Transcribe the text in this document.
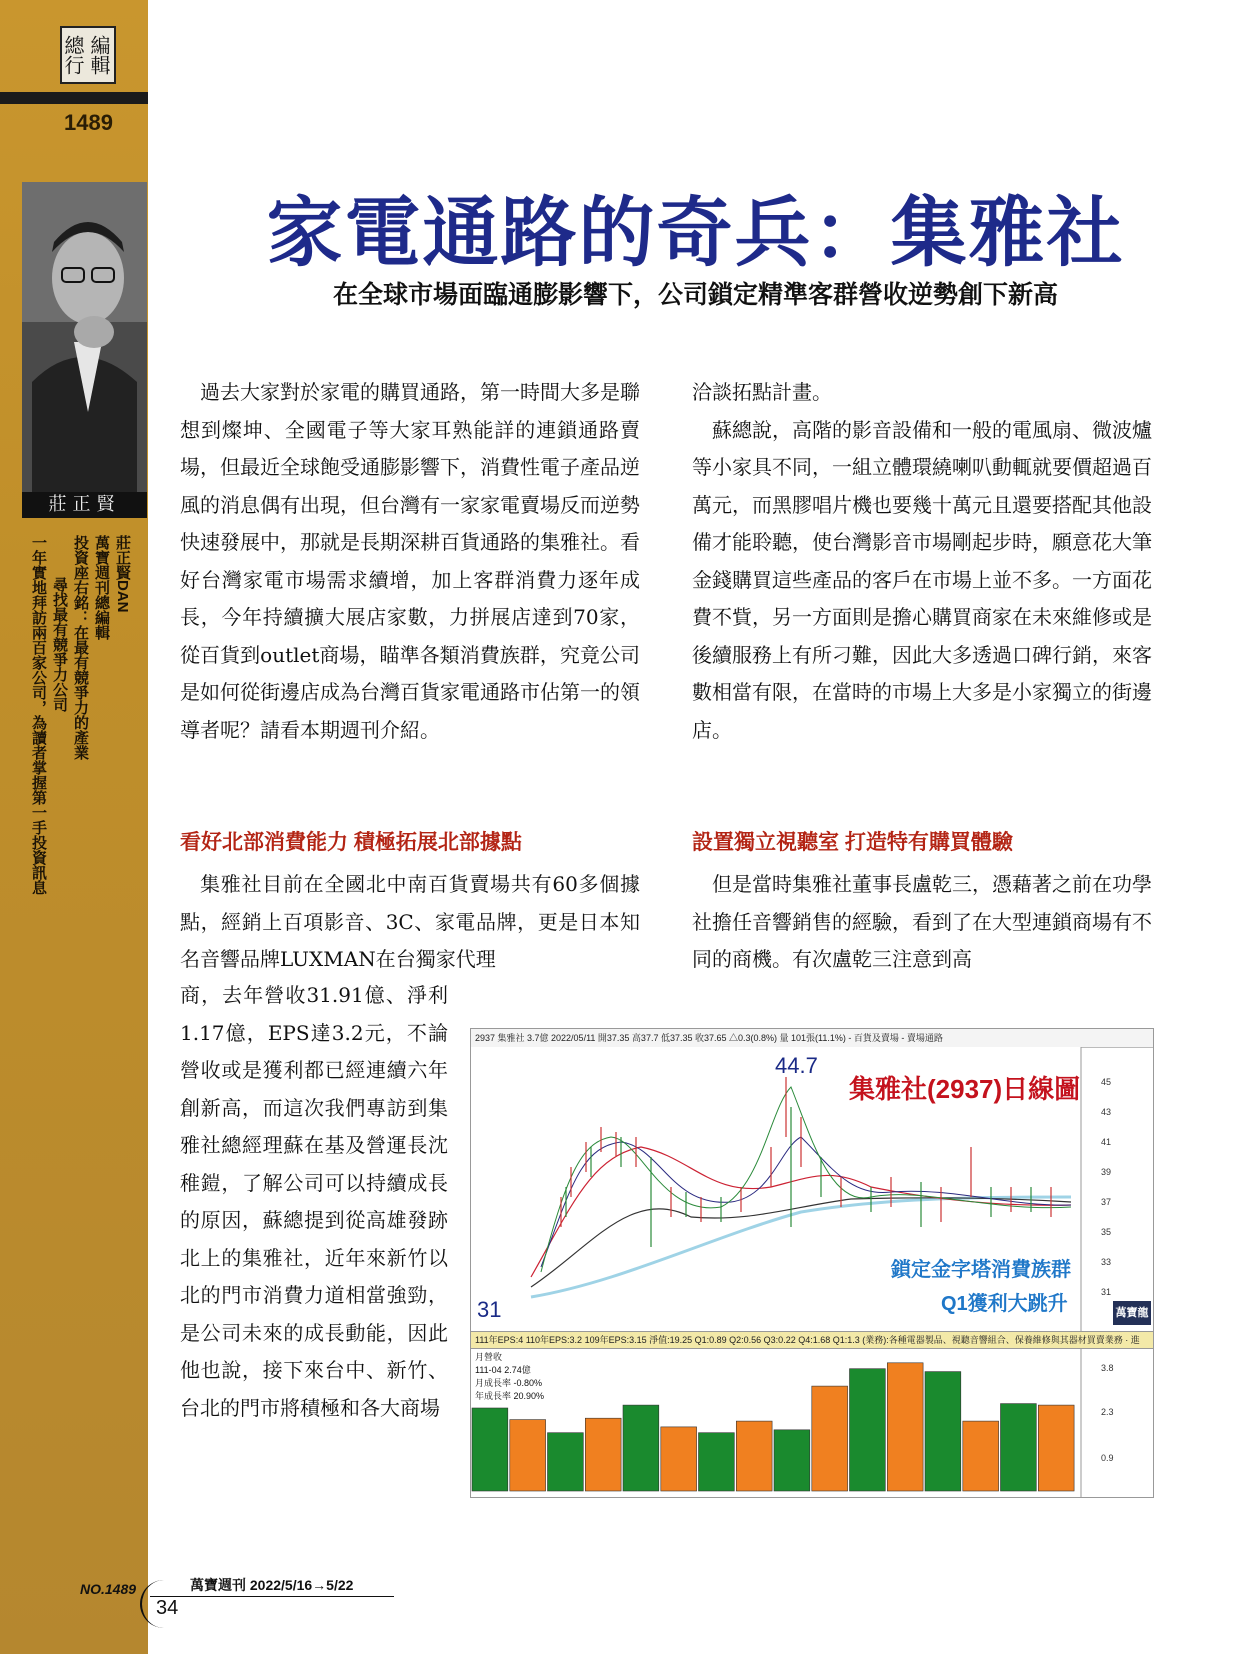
編輯總行
1489
莊正賢
莊正賢DAN
萬寶週刊總編輯
投資座右銘：在最有競爭力的產業
尋找最有競爭力公司
一年實地拜訪兩百家公司，為讀者掌握第一手投資訊息
家電通路的奇兵：集雅社
在全球市場面臨通膨影響下，公司鎖定精準客群營收逆勢創下新高

過去大家對於家電的購買通路，第一時間大多是聯想到燦坤、全國電子等大家耳熟能詳的連鎖通路賣場，但最近全球飽受通膨影響下，消費性電子產品逆風的消息偶有出現，但台灣有一家家電賣場反而逆勢快速發展中，那就是長期深耕百貨通路的集雅社。看好台灣家電市場需求續增，加上客群消費力逐年成長，今年持續擴大展店家數，力拼展店達到70家，從百貨到outlet商場，瞄準各類消費族群，究竟公司是如何從街邊店成為台灣百貨家電通路市佔第一的領導者呢？請看本期週刊介紹。

洽談拓點計畫。

蘇總說，高階的影音設備和一般的電風扇、微波爐等小家具不同，一組立體環繞喇叭動輒就要價超過百萬元，而黑膠唱片機也要幾十萬元且還要搭配其他設備才能聆聽，使台灣影音市場剛起步時，願意花大筆金錢購買這些產品的客戶在市場上並不多。一方面花費不貲，另一方面則是擔心購買商家在未來維修或是後續服務上有所刁難，因此大多透過口碑行銷，來客數相當有限，在當時的市場上大多是小家獨立的街邊店。

看好北部消費能力 積極拓展北部據點	設置獨立視聽室 打造特有購買體驗

集雅社目前在全國北中南百貨賣場共有60多個據點，經銷上百項影音、3C、家電品牌，更是日本知名音響品牌LUXMAN在台獨家代理

商，去年營收31.91億、淨利1.17億，EPS達3.2元，不論營收或是獲利都已經連續六年創新高，而這次我們專訪到集雅社總經理蘇在基及營運長沈稚鎧，了解公司可以持續成長的原因，蘇總提到從高雄發跡北上的集雅社，近年來新竹以北的門市消費力道相當強勁，是公司未來的成長動能，因此他也說，接下來台中、新竹、台北的門市將積極和各大商場

但是當時集雅社董事長盧乾三，憑藉著之前在功學社擔任音響銷售的經驗，看到了在大型連鎖商場有不同的商機。有次盧乾三注意到高

2937 集雅社 3.7億 2022/05/11 開37.35 高37.7 低37.35 收37.65 △0.3(0.8%) 量 101張(11.1%) - 百貨及賣場 - 賣場通路
45
43
41
39
37
35
33
31
44.7
集雅社(2937)日線圖
31
鎖定金字塔消費族群
Q1獲利大跳升	萬寶龍
111年EPS:4 110年EPS:3.2 109年EPS:3.15 淨值:19.25 Q1:0.89 Q2:0.56 Q3:0.22 Q4:1.68 Q1:1.3 (業務):各種電器製品、視聽音響組合、保養維修與其器材買賣業務 · 進
月營收
111-04 2.74億
月成長率 -0.80%
年成長率 20.90%
3.8
2.3
0.9
NO.1489	萬寶週刊 2022/5/16→5/22
34
